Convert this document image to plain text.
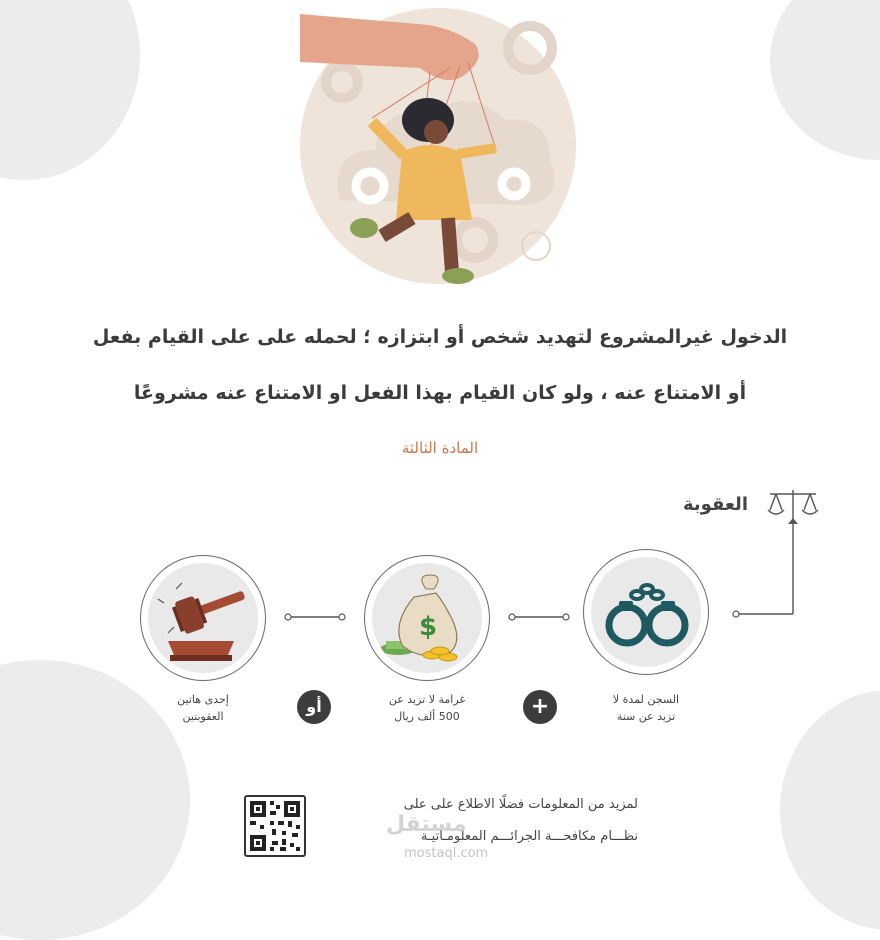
الدخول غيرالمشروع لتهديد شخص أو ابتزازه ؛ لحمله على على القيام بفعل
أو الامتناع عنه ، ولو كان القيام بهذا الفعل او الامتناع عنه مشروعًا
المادة الثالثة
العقوبة
السجن لمدة لا
تزيد عن سنة
$
غرامة لا تزيد عن
500 ألف ريال
إحدى هاتين
العقوبتين	+
أو
لمزيد من المعلومات فضلًا الاطلاع على على
نظـــام مكافحـــة الجرائـــم المعلومـاتيـة
مستقل
mostaql.com
